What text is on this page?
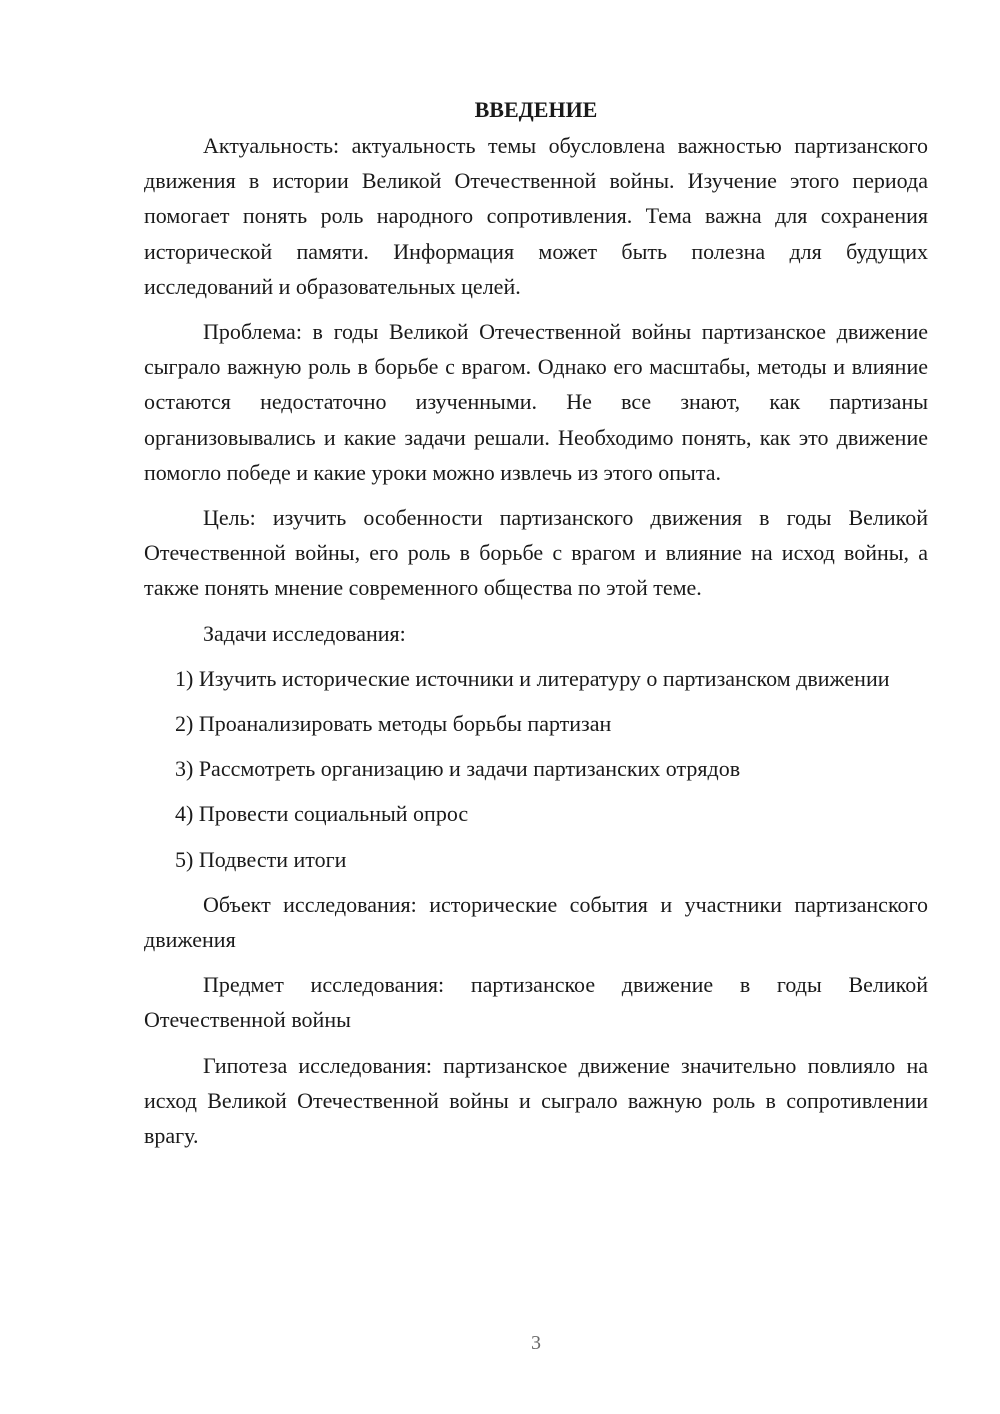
ВВЕДЕНИЕ

Актуальность: актуальность темы обусловлена важностью партизанского движения в истории Великой Отечественной войны. Изучение этого периода помогает понять роль народного сопротивления. Тема важна для сохранения исторической памяти. Информация может быть полезна для будущих исследований и образовательных целей.

Проблема: в годы Великой Отечественной войны партизанское движение сыграло важную роль в борьбе с врагом. Однако его масштабы, методы и влияние остаются недостаточно изученными. Не все знают, как партизаны организовывались и какие задачи решали. Необходимо понять, как это движение помогло победе и какие уроки можно извлечь из этого опыта.

Цель: изучить особенности партизанского движения в годы Великой Отечественной войны, его роль в борьбе с врагом и влияние на исход войны, а также понять мнение современного общества по этой теме.

Задачи исследования:

1) Изучить исторические источники и литературу о партизанском движении

2) Проанализировать методы борьбы партизан

3) Рассмотреть организацию и задачи партизанских отрядов

4) Провести социальный опрос

5) Подвести итоги

Объект исследования: исторические события и участники партизанского движения

Предмет исследования: партизанское движение в годы Великой Отечественной войны

Гипотеза исследования: партизанское движение значительно повлияло на исход Великой Отечественной войны и сыграло важную роль в сопротивлении врагу.

3
